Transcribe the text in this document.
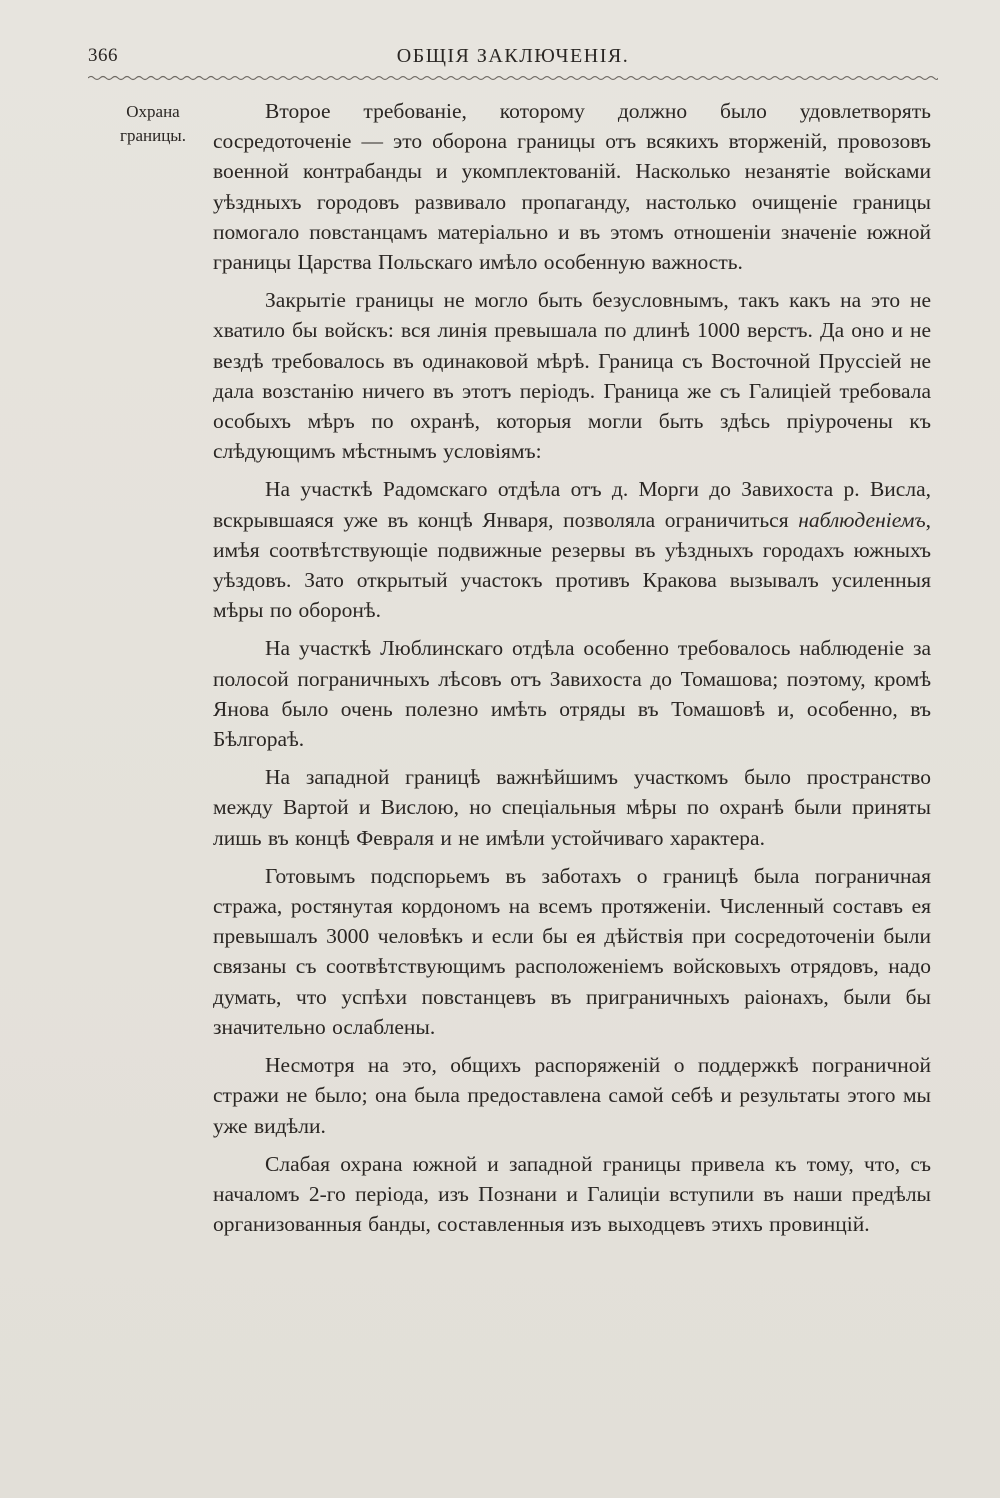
366	ОБЩІЯ ЗАКЛЮЧЕНІЯ.
Охрана
границы.

Второе требованіе, которому должно было удовлетворять сосредоточеніе — это оборона границы отъ всякихъ вторженій, провозовъ военной контрабанды и укомплектованій. Насколько незанятіе войсками уѣздныхъ городовъ развивало пропаганду, настолько очищеніе границы помогало повстанцамъ матеріально и въ этомъ отношеніи значеніе южной границы Царства Польскаго имѣло особенную важность.

Закрытіе границы не могло быть безусловнымъ, такъ какъ на это не хватило бы войскъ: вся линія превышала по длинѣ 1000 верстъ. Да оно и не вездѣ требовалось въ одинаковой мѣрѣ. Граница съ Восточной Пруссіей не дала возстанію ничего въ этотъ періодъ. Граница же съ Галиціей требовала особыхъ мѣръ по охранѣ, которыя могли быть здѣсь пріурочены къ слѣдующимъ мѣстнымъ условіямъ:

На участкѣ Радомскаго отдѣла отъ д. Морги до Завихоста р. Висла, вскрывшаяся уже въ концѣ Января, позволяла ограничиться наблюденіемъ, имѣя соотвѣтствующіе подвижные резервы въ уѣздныхъ городахъ южныхъ уѣздовъ. Зато открытый участокъ противъ Кракова вызывалъ усиленныя мѣры по оборонѣ.

На участкѣ Люблинскаго отдѣла особенно требовалось наблюденіе за полосой пограничныхъ лѣсовъ отъ Завихоста до Томашова; поэтому, кромѣ Янова было очень полезно имѣть отряды въ Томашовѣ и, особенно, въ Бѣлгораѣ.

На западной границѣ важнѣйшимъ участкомъ было пространство между Вартой и Вислою, но спеціальныя мѣры по охранѣ были приняты лишь въ концѣ Февраля и не имѣли устойчиваго характера.

Готовымъ подспорьемъ въ заботахъ о границѣ была пограничная стража, ростянутая кордономъ на всемъ протяженіи. Численный составъ ея превышалъ 3000 человѣкъ и если бы ея дѣйствія при сосредоточеніи были связаны съ соотвѣтствующимъ расположеніемъ войсковыхъ отрядовъ, надо думать, что успѣхи повстанцевъ въ приграничныхъ раіонахъ, были бы значительно ослаблены.

Несмотря на это, общихъ распоряженій о поддержкѣ пограничной стражи не было; она была предоставлена самой себѣ и результаты этого мы уже видѣли.

Слабая охрана южной и западной границы привела къ тому, что, съ началомъ 2-го періода, изъ Познани и Галиціи вступили въ наши предѣлы организованныя банды, составленныя изъ выходцевъ этихъ провинцій.
